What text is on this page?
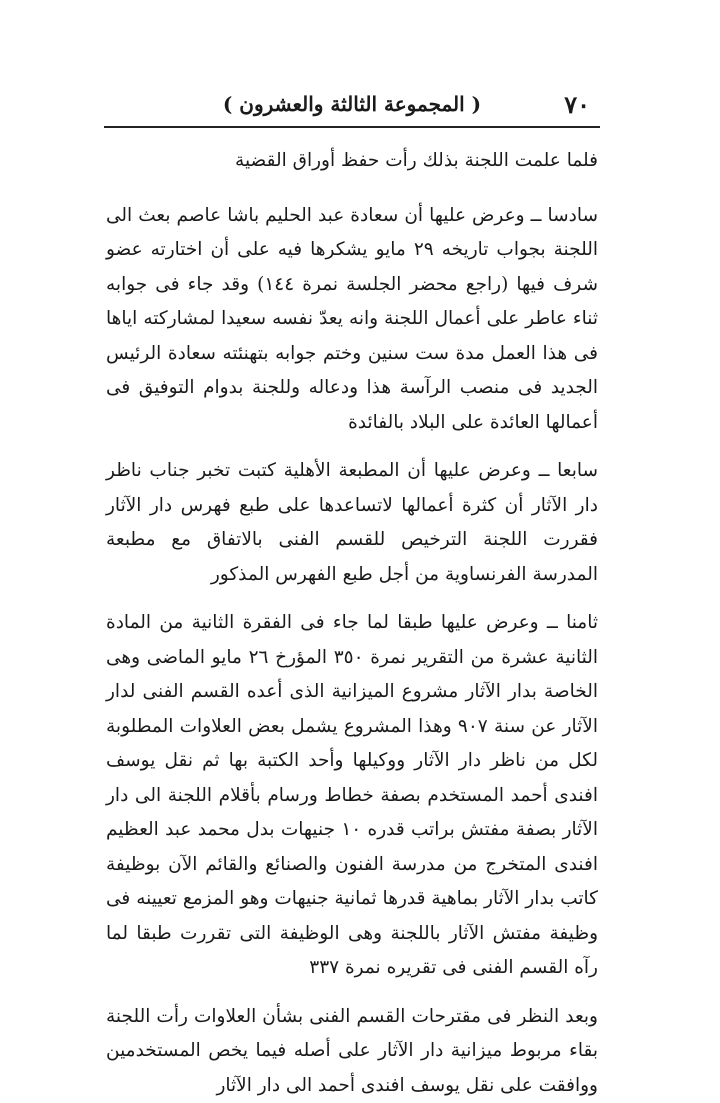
٧٠
( المجموعة الثالثة والعشرون )

فلما علمت اللجنة بذلك رأت حفظ أوراق القضية

سادسا ــ وعرض عليها أن سعادة عبد الحليم باشا عاصم بعث الى اللجنة بجواب تاريخه ٢٩ مايو يشكرها فيه على أن اختارته عضو شرف فيها (راجع محضر الجلسة نمرة ١٤٤) وقد جاء فى جوابه ثناء عاطر على أعمال اللجنة وانه يعدّ نفسه سعيدا لمشاركته اياها فى هذا العمل مدة ست سنين وختم جوابه بتهنئته سعادة الرئيس الجديد فى منصب الرآسة هذا ودعاله وللجنة بدوام التوفيق فى أعمالها العائدة على البلاد بالفائدة

سابعا ــ وعرض عليها أن المطبعة الأهلية كتبت تخبر جناب ناظر دار الآثار أن كثرة أعمالها لاتساعدها على طبع فهرس دار الآثار فقررت اللجنة الترخيص للقسم الفنى بالاتفاق مع مطبعة المدرسة الفرنساوية من أجل طبع الفهرس المذكور

ثامنا ــ وعرض عليها طبقا لما جاء فى الفقرة الثانية من المادة الثانية عشرة من التقرير نمرة ٣٥٠ المؤرخ ٢٦ مايو الماضى وهى الخاصة بدار الآثار مشروع الميزانية الذى أعده القسم الفنى لدار الآثار عن سنة ٩٠٧ وهذا المشروع يشمل بعض العلاوات المطلوبة لكل من ناظر دار الآثار ووكيلها وأحد الكتبة بها ثم نقل يوسف افندى أحمد المستخدم بصفة خطاط ورسام بأقلام اللجنة الى دار الآثار بصفة مفتش براتب قدره ١٠ جنيهات بدل محمد عبد العظيم افندى المتخرج من مدرسة الفنون والصنائع والقائم الآن بوظيفة كاتب بدار الآثار بماهية قدرها ثمانية جنيهات وهو المزمع تعيينه فى وظيفة مفتش الآثار باللجنة وهى الوظيفة التى تقررت طبقا لما رآه القسم الفنى فى تقريره نمرة ٣٣٧

وبعد النظر فى مقترحات القسم الفنى بشأن العلاوات رأت اللجنة بقاء مربوط ميزانية دار الآثار على أصله فيما يخص المستخدمين ووافقت على نقل يوسف افندى أحمد الى دار الآثار
